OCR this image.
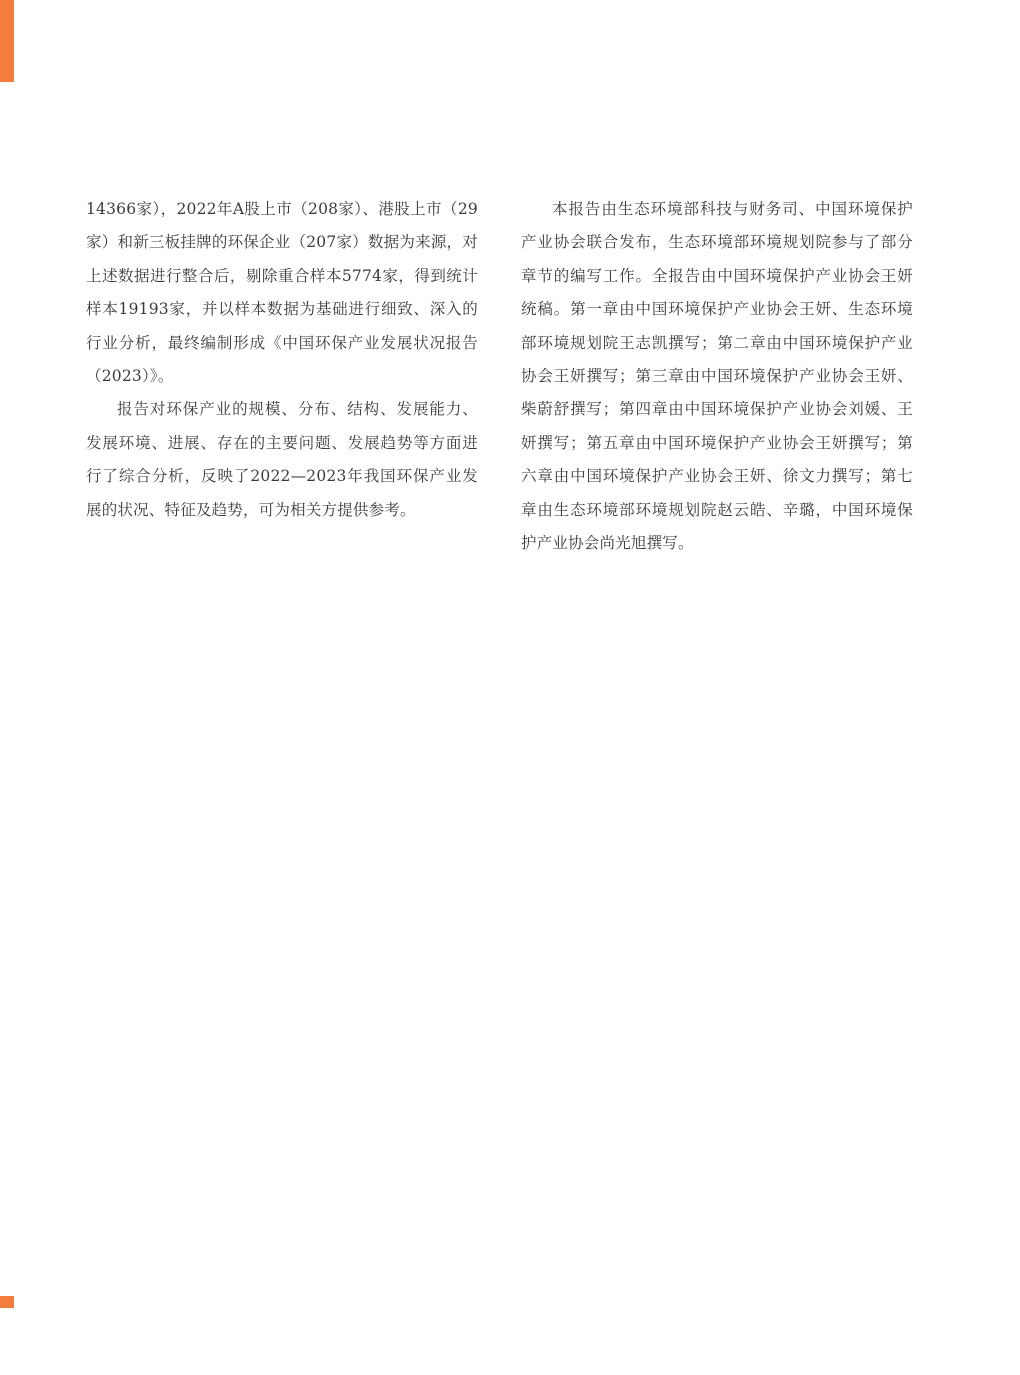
14366家），2022年A股上市（208家）、港股上市（29家）和新三板挂牌的环保企业（207家）数据为来源，对上述数据进行整合后，剔除重合样本5774家，得到统计样本19193家，并以样本数据为基础进行细致、深入的行业分析，最终编制形成《中国环保产业发展状况报告（2023）》。

报告对环保产业的规模、分布、结构、发展能力、发展环境、进展、存在的主要问题、发展趋势等方面进行了综合分析，反映了2022—2023年我国环保产业发展的状况、特征及趋势，可为相关方提供参考。

本报告由生态环境部科技与财务司、中国环境保护产业协会联合发布，生态环境部环境规划院参与了部分章节的编写工作。全报告由中国环境保护产业协会王妍统稿。第一章由中国环境保护产业协会王妍、生态环境部环境规划院王志凯撰写；第二章由中国环境保护产业协会王妍撰写；第三章由中国环境保护产业协会王妍、柴蔚舒撰写；第四章由中国环境保护产业协会刘媛、王妍撰写；第五章由中国环境保护产业协会王妍撰写；第六章由中国环境保护产业协会王妍、徐文力撰写；第七章由生态环境部环境规划院赵云皓、辛璐，中国环境保护产业协会尚光旭撰写。
